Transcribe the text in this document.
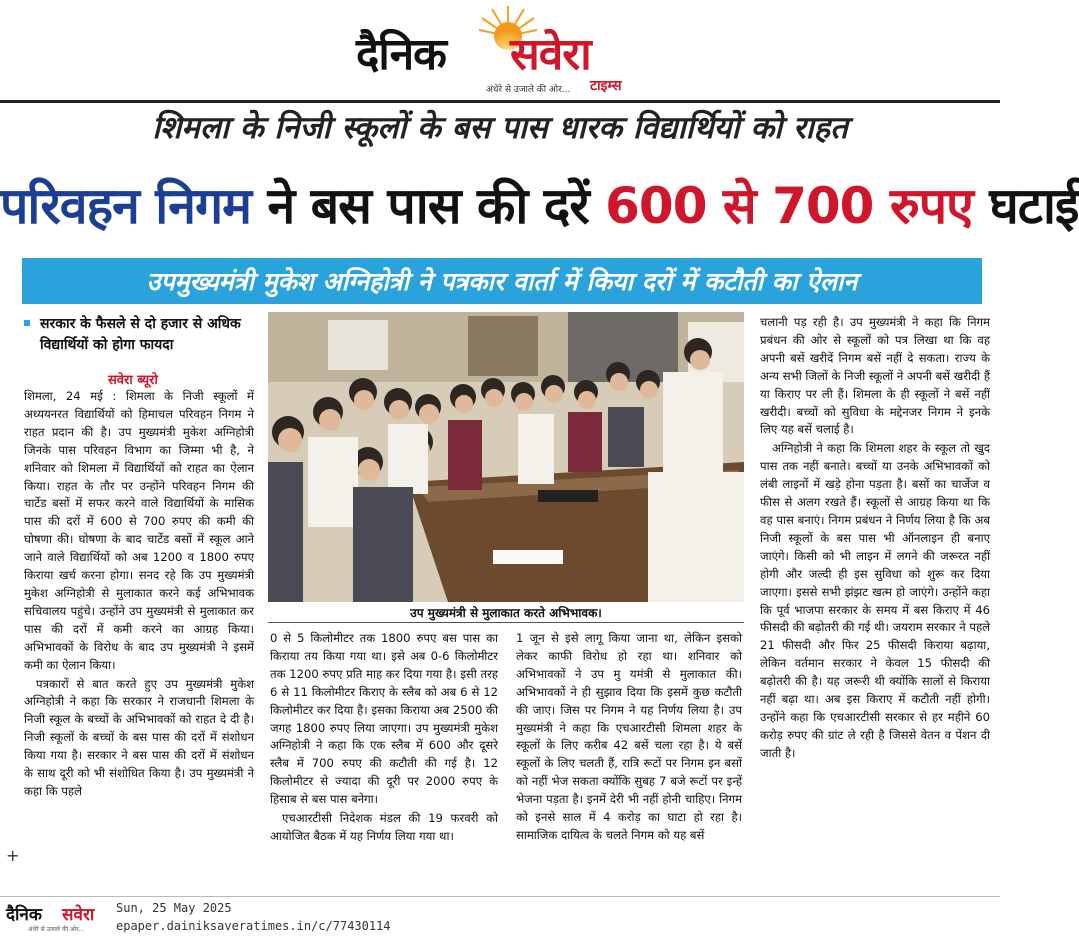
दैनिक सवेरा
अंधेरे से उजाले की ओर... टाइम्स
शिमला के निजी स्कूलों के बस पास धारक विद्यार्थियों को राहत
परिवहन निगम ने बस पास की दरें 600 से 700 रुपए घटाई
उपमुख्यमंत्री मुकेश अग्निहोत्री ने पत्रकार वार्ता में किया दरों में कटौती का ऐलान
सरकार के फैसले से दो हजार से अधिक विद्यार्थियों को होगा फायदा
सवेरा ब्यूरो

शिमला, 24 मई : शिमला के निजी स्कूलों में अध्ययनरत विद्यार्थियों को हिमाचल परिवहन निगम ने राहत प्रदान की है। उप मुख्यमंत्री मुकेश अग्निहोत्री जिनके पास परिवहन विभाग का जिम्मा भी है, ने शनिवार को शिमला में विद्यार्थियों को राहत का ऐलान किया। राहत के तौर पर उन्होंने परिवहन निगम की चार्टेड बसों में सफर करने वाले विद्यार्थियों के मासिक पास की दरों में 600 से 700 रुपए की कमी की घोषणा की। घोषणा के बाद चार्टेड बसों में स्कूल आने जाने वाले विद्यार्थियों को अब 1200 व 1800 रुपए किराया खर्च करना होगा। सनद रहे कि उप मुख्यमंत्री मुकेश अग्निहोत्री से मुलाकात करने कई अभिभावक सचिवालय पहुंचे। उन्होंने उप मुख्यमंत्री से मुलाकात कर पास की दरों में कमी करने का आग्रह किया। अभिभावकों के विरोध के बाद उप मुख्यमंत्री ने इसमें कमी का ऐलान किया।

पत्रकारों से बात करते हुए उप मुख्यमंत्री मुकेश अग्निहोत्री ने कहा कि सरकार ने राजधानी शिमला के निजी स्कूल के बच्चों के अभिभावकों को राहत दे दी है। निजी स्कूलों के बच्चों के बस पास की दरों में संशोधन किया गया है। सरकार ने बस पास की दरों में संशोधन के साथ दूरी को भी संशोधित किया है। उप मुख्यमंत्री ने कहा कि पहले

उप मुख्यमंत्री से मुलाकात करते अभिभावक।

0 से 5 किलोमीटर तक 1800 रुपए बस पास का किराया तय किया गया था। इसे अब 0-6 किलोमीटर तक 1200 रुपए प्रति माह कर दिया गया है। इसी तरह 6 से 11 किलोमीटर किराए के स्लैब को अब 6 से 12 किलोमीटर कर दिया है। इसका किराया अब 2500 की जगह 1800 रुपए लिया जाएगा। उप मुख्यमंत्री मुकेश अग्निहोत्री ने कहा कि एक स्लैब में 600 और दूसरे स्लैब में 700 रुपए की कटौती की गई है। 12 किलोमीटर से ज्यादा की दूरी पर 2000 रुपए के हिसाब से बस पास बनेगा।

एचआरटीसी निदेशक मंडल की 19 फरवरी को आयोजित बैठक में यह निर्णय लिया गया था।

1 जून से इसे लागू किया जाना था, लेकिन इसको लेकर काफी विरोध हो रहा था। शनिवार को अभिभावकों ने उप मु यमंत्री से मुलाकात की। अभिभावकों ने ही सुझाव दिया कि इसमें कुछ कटौती की जाए। जिस पर निगम ने यह निर्णय लिया है। उप मुख्यमंत्री ने कहा कि एचआरटीसी शिमला शहर के स्कूलों के लिए करीब 42 बसें चला रहा है। ये बसें स्कूलों के लिए चलती हैं, रात्रि रूटों पर निगम इन बसों को नहीं भेज सकता क्योंकि सुबह 7 बजे रूटों पर इन्हें भेजना पड़ता है। इनमें देरी भी नहीं होनी चाहिए। निगम को इनसे साल में 4 करोड़ का घाटा हो रहा है। सामाजिक दायित्व के चलते निगम को यह बसें

चलानी पड़ रही है। उप मुख्यमंत्री ने कहा कि निगम प्रबंधन की ओर से स्कूलों को पत्र लिखा था कि वह अपनी बसें खरीदें निगम बसें नहीं दे सकता। राज्य के अन्य सभी जिलों के निजी स्कूलों ने अपनी बसें खरीदी हैं या किराए पर ली हैं। शिमला के ही स्कूलों ने बसें नहीं खरीदी। बच्चों को सुविधा के मद्देनजर निगम ने इनके लिए यह बसें चलाई है।

अग्निहोत्री ने कहा कि शिमला शहर के स्कूल तो खुद पास तक नहीं बनाते। बच्चों या उनके अभिभावकों को लंबी लाइनों में खड़े होना पड़ता है। बसों का चार्जेज व फीस से अलग रखते हैं। स्कूलों से आग्रह किया था कि वह पास बनाएं। निगम प्रबंधन ने निर्णय लिया है कि अब निजी स्कूलों के बस पास भी ऑनलाइन ही बनाए जाएंगे। किसी को भी लाइन में लगने की जरूरत नहीं होगी और जल्दी ही इस सुविधा को शुरू कर दिया जाएगा। इससे सभी झंझट खत्म हो जाएंगे। उन्होंने कहा कि पूर्व भाजपा सरकार के समय में बस किराए में 46 फीसदी की बढ़ोतरी की गई थी। जयराम सरकार ने पहले 21 फीसदी और फिर 25 फीसदी किराया बढ़ाया, लेकिन वर्तमान सरकार ने केवल 15 फीसदी की बढ़ोतरी की है। यह जरूरी थी क्योंकि सालों से किराया नहीं बढ़ा था। अब इस किराए में कटौती नहीं होगी। उन्होंने कहा कि एचआरटीसी सरकार से हर महीने 60 करोड़ रुपए की ग्रांट ले रही है जिससे वेतन व पेंशन दी जाती है।

+
दैनिक सवेरा
अंधेरे से उजाले की ओर...
Sun, 25 May 2025
epaper.dainiksaveratimes.in/c/77430114
